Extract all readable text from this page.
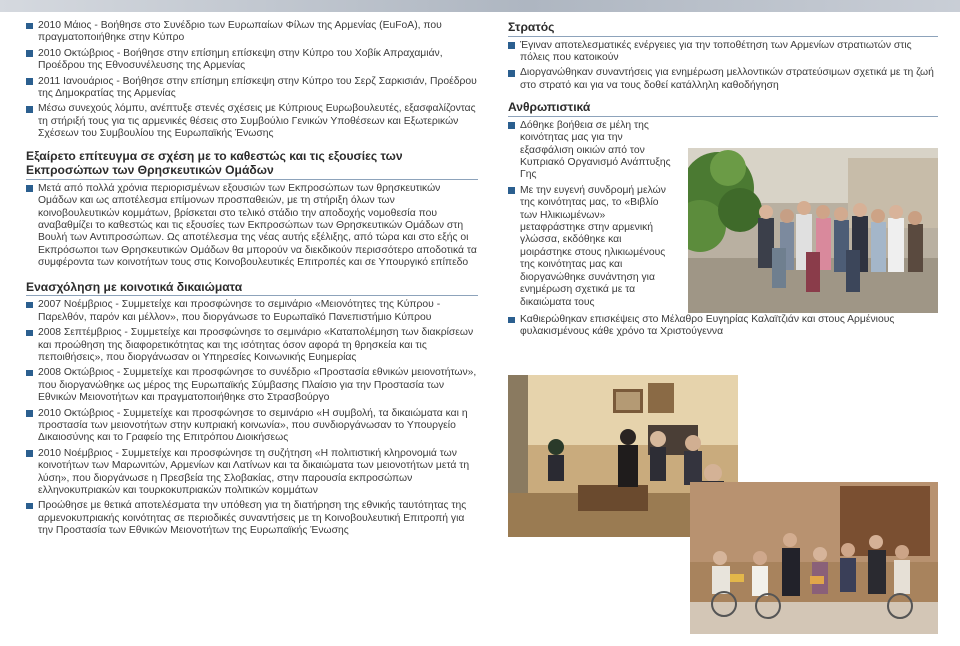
2010 Μάιος - Βοήθησε στο Συνέδριο των Ευρωπαίων Φίλων της Αρμενίας (EuFoA), που πραγματοποιήθηκε στην Κύπρο
2010 Οκτώβριος - Βοήθησε στην επίσημη επίσκεψη στην Κύπρο του Χοβίκ Απραχαμιάν, Προέδρου της Εθνοσυνέλευσης της Αρμενίας
2011 Ιανουάριος - Βοήθησε στην επίσημη επίσκεψη στην Κύπρο του Σερζ Σαρκισιάν, Προέδρου της Δημοκρατίας της Αρμενίας
Μέσω συνεχούς λόμπυ, ανέπτυξε στενές σχέσεις με Κύπριους Ευρωβουλευτές, εξασφαλίζοντας τη στήριξή τους για τις αρμενικές θέσεις στο Συμβούλιο Γενικών Υποθέσεων και Εξωτερικών Σχέσεων του Συμβουλίου της Ευρωπαϊκής Ένωσης
Εξαίρετο επίτευγμα σε σχέση με το καθεστώς και τις εξουσίες των Εκπροσώπων των Θρησκευτικών Ομάδων
Μετά από πολλά χρόνια περιορισμένων εξουσιών των Εκπροσώπων των θρησκευτικών Ομάδων και ως αποτέλεσμα επίμονων προσπαθειών, με τη στήριξη όλων των κοινοβουλευτικών κομμάτων, βρίσκεται στο τελικό στάδιο την αποδοχής νομοθεσία που αναβαθμίζει το καθεστώς και τις εξουσίες των Εκπροσώπων των Θρησκευτικών Ομάδων στη Βουλή των Αντιπροσώπων. Ως αποτέλεσμα της νέας αυτής εξέλιξης, από τώρα και στο εξής οι Εκπρόσωποι των Θρησκευτικών Ομάδων θα μπορούν να διεκδικούν περισσότερο αποδοτικά τα συμφέροντα των κοινοτήτων τους στις Κοινοβουλευτικές Επιτροπές και σε Υπουργικό επίπεδο
Ενασχόληση με κοινοτικά δικαιώματα
2007 Νοέμβριος - Συμμετείχε και προσφώνησε το σεμινάριο «Μειονότητες της Κύπρου - Παρελθόν, παρόν και μέλλον», που διοργάνωσε το Ευρωπαϊκό Πανεπιστήμιο Κύπρου
2008 Σεπτέμβριος - Συμμετείχε και προσφώνησε το σεμινάριο «Καταπολέμηση των διακρίσεων και προώθηση της διαφορετικότητας και της ισότητας όσον αφορά τη θρησκεία και τις πεποιθήσεις», που διοργάνωσαν οι Υπηρεσίες Κοινωνικής Ευημερίας
2008 Οκτώβριος - Συμμετείχε και προσφώνησε το συνέδριο «Προστασία εθνικών μειονοτήτων», που διοργανώθηκε ως μέρος της Ευρωπαϊκής Σύμβασης Πλαίσιο για την Προστασία των Εθνικών Μειονοτήτων και πραγματοποιήθηκε στο Στρασβούργο
2010 Οκτώβριος - Συμμετείχε και προσφώνησε το σεμινάριο «Η συμβολή, τα δικαιώματα και η προστασία των μειονοτήτων στην κυπριακή κοινωνία», που συνδιοργάνωσαν το Υπουργείο Δικαιοσύνης και το Γραφείο της Επιτρόπου Διοικήσεως
2010 Νοέμβριος - Συμμετείχε και προσφώνησε τη συζήτηση «Η πολιτιστική κληρονομιά των κοινοτήτων των Μαρωνιτών, Αρμενίων και Λατίνων και τα δικαιώματα των μειονοτήτων μετά τη λύση», που διοργάνωσε η Πρεσβεία της Σλοβακίας, στην παρουσία εκπροσώπων ελληνοκυπριακών και τουρκοκυπριακών πολιτικών κομμάτων
Προώθησε με θετικά αποτελέσματα την υπόθεση για τη διατήρηση της εθνικής ταυτότητας της αρμενοκυπριακής κοινότητας σε περιοδικές συναντήσεις με τη Κοινοβουλευτική Επιτροπή για την Προστασία των Εθνικών Μειονοτήτων της Ευρωπαϊκής Ένωσης
Στρατός
Έγιναν αποτελεσματικές ενέργειες για την τοποθέτηση των Αρμενίων στρατιωτών στις πόλεις που κατοικούν
Διοργανώθηκαν συναντήσεις για ενημέρωση μελλοντικών στρατεύσιμων σχετικά με τη ζωή στο στρατό και για να τους δοθεί κατάλληλη καθοδήγηση
Ανθρωπιστικά
Δόθηκε βοήθεια σε μέλη της κοινότητας μας για την εξασφάλιση οικιών από τον Κυπριακό Οργανισμό Ανάπτυξης Γης
Με την ευγενή συνδρομή μελών της κοινότητας μας, το «Βιβλίο των Ηλικιωμένων» μεταφράστηκε στην αρμενική γλώσσα, εκδόθηκε και μοιράστηκε στους ηλικιωμένους της κοινότητας μας και διοργανώθηκε συνάντηση για ενημέρωση σχετικά με τα δικαιώματα τους
Καθιερώθηκαν επισκέψεις στο Μέλαθρο Ευγηρίας Καλαϊτζιάν και στους Αρμένιους φυλακισμένους κάθε χρόνο τα Χριστούγεννα
